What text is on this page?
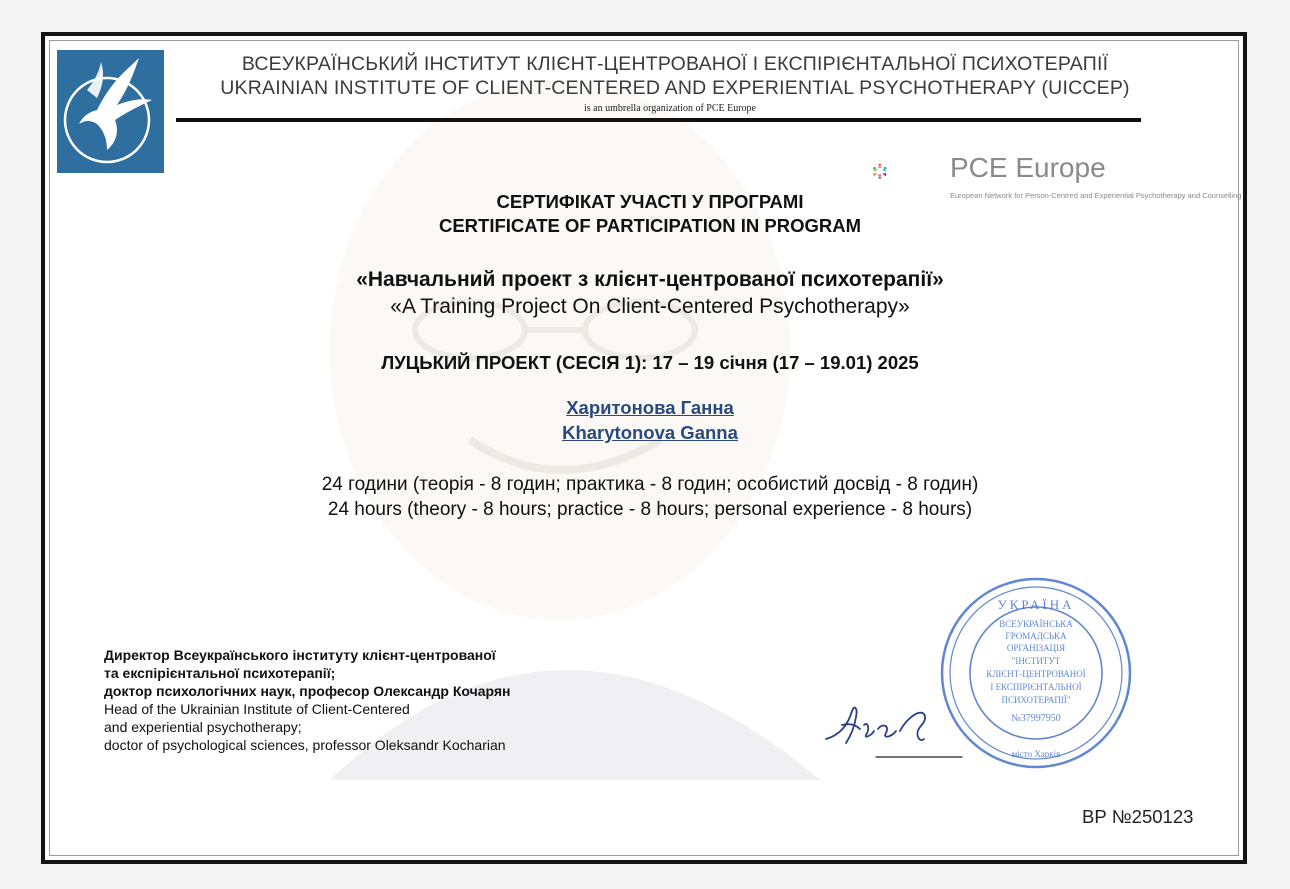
ВСЕУКРАЇНСЬКИЙ ІНСТИТУТ КЛІЄНТ-ЦЕНТРОВАНОЇ І ЕКСПІРІЄНТАЛЬНОЇ ПСИХОТЕРАПІЇ
UKRAINIAN INSTITUTE OF CLIENT-CENTERED AND EXPERIENTIAL PSYCHOTHERAPY (UICCEP)
is an umbrella organization of PCE Europe
PCE Europe
European Network for Person-Centred and Experiential Psychotherapy and Counselling
СЕРТИФІКАТ УЧАСТІ У ПРОГРАМІ
CERTIFICATE OF PARTICIPATION IN PROGRAM
«Навчальний проект з клієнт-центрованої психотерапії»
«A Training Project On Client-Centered Psychotherapy»
ЛУЦЬКИЙ ПРОЕКТ (СЕСІЯ 1): 17 – 19 січня (17 – 19.01) 2025
Харитонова Ганна
Kharytonova Ganna
24 години (теорія - 8 годин; практика - 8 годин; особистий досвід - 8 годин)
24 hours (theory - 8 hours; practice - 8 hours; personal experience - 8 hours)
Директор Всеукраїнського інституту клієнт-центрованої
та експірієнтальної психотерапії;
доктор психологічних наук, професор Олександр Кочарян
Head of the Ukrainian Institute of Client-Centered
and experiential psychotherapy;
doctor of psychological sciences, professor Oleksandr Kocharian
УКРАЇНА
ВСЕУКРАЇНСЬКА
ГРОМАДСЬКА
ОРГАНІЗАЦІЯ
"ІНСТИТУТ
КЛІЄНТ-ЦЕНТРОВАНОЇ
І ЕКСПІРІЄНТАЛЬНОЇ
ПСИХОТЕРАПІЇ"
№37997950
місто Харків
ВР №250123
